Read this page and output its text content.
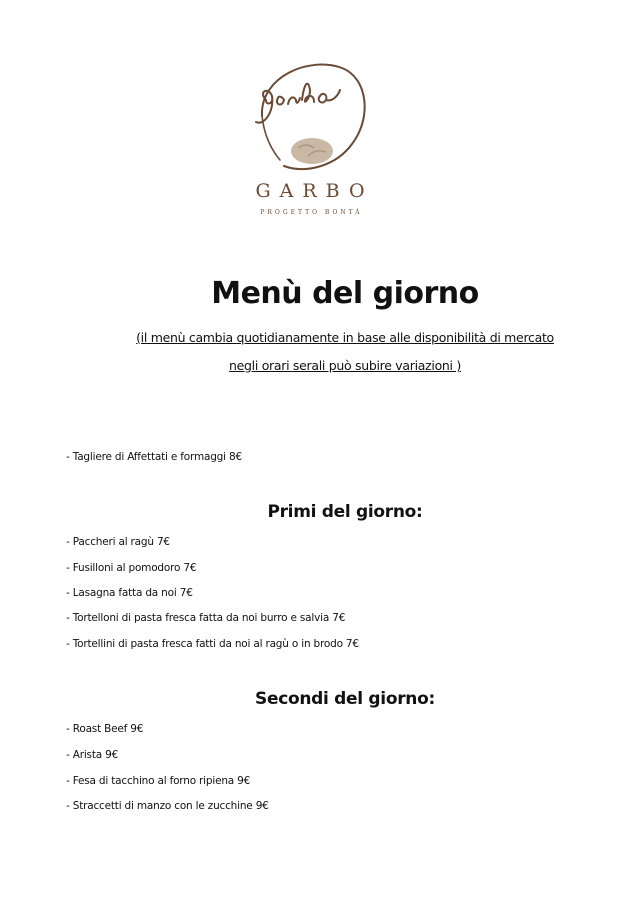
GARBO
PROGETTO BONTÀ
Menù del giorno
(il menù cambia quotidianamente in base alle disponibilità di mercato
negli orari serali può subire variazioni )
- Tagliere di Affettati e formaggi 8€
Primi del giorno:
- Paccheri al ragù 7€
- Fusilloni al pomodoro 7€
- Lasagna fatta da noi 7€
- Tortelloni di pasta fresca fatta da noi burro e salvia 7€
- Tortellini di pasta fresca fatti da noi al ragù o in brodo 7€
Secondi del giorno:
- Roast Beef 9€
- Arista 9€
- Fesa di tacchino al forno ripiena 9€
- Straccetti di manzo con le zucchine 9€
